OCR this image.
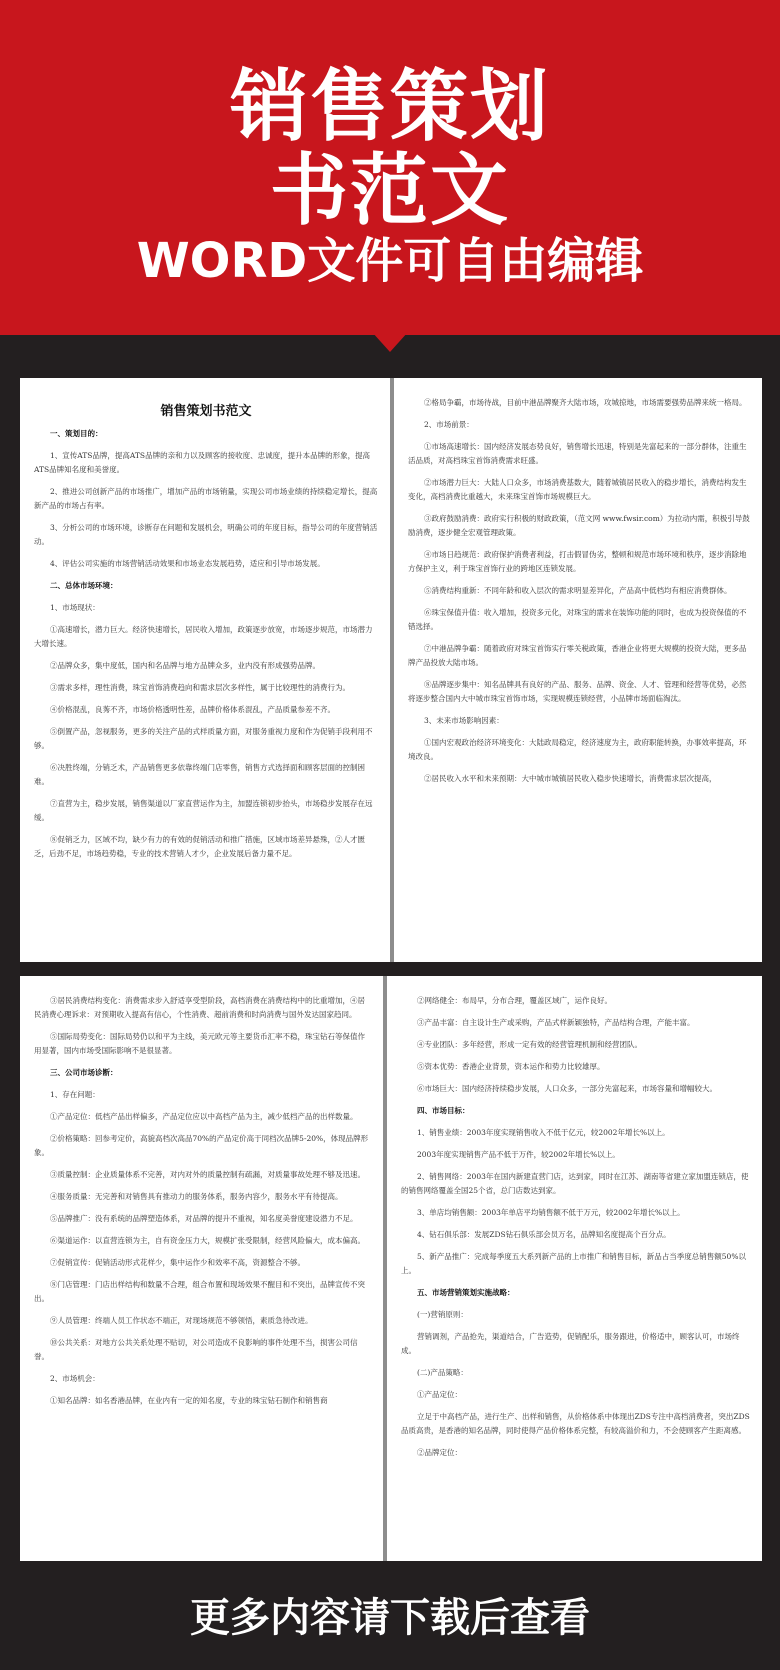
销售策划
书范文
WORD文件可自由编辑
销售策划书范文
一、策划目的：
1、宣传ATS品牌，提高ATS品牌的亲和力以及顾客的接收度、忠诚度，提升本品牌的形象，提高ATS品牌知名度和美誉度。
2、推进公司创新产品的市场推广，增加产品的市场销量，实现公司市场业绩的持续稳定增长，提高新产品的市场占有率。
3、分析公司的市场环境，诊断存在问题和发展机会，明确公司的年度目标，指导公司的年度营销活动。
4、评估公司实施的市场营销活动效果和市场业态发展趋势，适应和引导市场发展。
二、总体市场环境：
1、市场现状：
①高速增长，潜力巨大。经济快速增长，居民收入增加，政策逐步放宽，市场逐步规范，市场潜力大增长速。
②品牌众多，集中度低，国内和名品牌与地方品牌众多，业内没有形成强势品牌。
③需求多样，理性消费，珠宝首饰消费趋向和需求层次多样性，属于比较理性的消费行为。
④价格混乱，良莠不齐，市场价格透明性差，品牌价格体系混乱，产品质量参差不齐。
⑤倒置产品，忽视服务，更多的关注产品的式样质量方面，对服务重视力度和作为促销手段利用不够。
⑥决胜终端，分销乏术，产品销售更多依靠终端门店零售，销售方式选择面和顾客层面的控制困难。
⑦直营为主，稳步发展，销售渠道以厂家直营运作为主，加盟连锁初步抬头，市场稳步发展存在远缓。
⑧促销乏力，区域不均，缺少有力的有效的促销活动和推广措施，区域市场差异悬殊，②人才匮乏，后劲不足，市场趋势稳，专业的技术营销人才少，企业发展后备力量不足。
②格局争霸，市场待战，目前中港品牌聚齐大陆市场，攻城掠地，市场需要强势品牌来统一格局。
2、市场前景：
①市场高速增长：国内经济发展态势良好，销售增长迅速，特别是先富起来的一部分群体，注重生活品质，对高档珠宝首饰消费需求旺盛。
②市场潜力巨大：大陆人口众多，市场消费基数大，随着城镇居民收入的稳步增长，消费结构发生变化，高档消费比重越大，未来珠宝首饰市场规模巨大。
③政府鼓励消费：政府实行积极的财政政策，（范文网 www.fwsir.com）为拉动内需，积极引导鼓励消费，逐步健全宏观管理政策。
④市场日趋规范：政府保护消费者利益，打击假冒伪劣，整顿和规范市场环境和秩序，逐步消除地方保护主义，利于珠宝首饰行业的跨地区连锁发展。
⑤消费结构重新：不同年龄和收入层次的需求明显差异化，产品高中低档均有相应消费群体。
⑥珠宝保值升值：收入增加，投资多元化，对珠宝的需求在装饰功能的同时，也成为投资保值的不错选择。
⑦中港品牌争霸：随着政府对珠宝首饰实行零关税政策，香港企业将更大规模的投资大陆，更多品牌产品投放大陆市场。
⑧品牌逐步集中：知名品牌具有良好的产品、服务、品牌、资金、人才、管理和经营等优势，必然将逐步整合国内大中城市珠宝首饰市场，实现规模连锁经营，小品牌市场面临淘汰。
3、未来市场影响因素：
①国内宏观政治经济环境变化：大陆政局稳定，经济速度为主，政府职能转换，办事效率提高，环境改良。
②居民收入水平和未来预期：大中城市城镇居民收入稳步快速增长，消费需求层次提高，
③居民消费结构变化：消费需求步入舒适享受型阶段，高档消费在消费结构中的比重增加，④居民消费心理诉求：对预期收入提高有信心，个性消费、超前消费和时尚消费与国外发达国家趋同。
⑤国际局势变化：国际局势仍以和平为主线，美元欧元等主要货币汇率不稳，珠宝钻石等保值作用显著，国内市场受国际影响不是很显著。
三、公司市场诊断：
1、存在问题：
①产品定位：低档产品出样偏多，产品定位应以中高档产品为主，减少低档产品的出样数量。
②价格策略：回参考定价，高貌高档次高品70%的产品定价高于同档次品牌5-20%，体现品牌形象。
③质量控制：企业质量体系不完善，对内对外的质量控制有疏漏，对质量事故处理不够及迅速。
④服务质量：无完善和对销售具有推动力的服务体系，服务内容少，服务水平有待提高。
⑤品牌推广：没有系统的品牌塑造体系，对品牌的提升不重视，知名度美誉度建设潜力不足。
⑥渠道运作：以直营连锁为主，自有资金压力大，规模扩张受限制，经营风险偏大，成本偏高。
⑦促销宣传：促销活动形式花样少，集中运作少和效率不高，资源整合不够。
⑧门店管理：门店出样结构和数量不合理，组合布置和现场效果不醒目和不突出，品牌宣传不突出。
⑨人员管理：终端人员工作状态不端正，对现场规范不够领悟，素质急待改进。
⑩公共关系：对地方公共关系处理不贴切，对公司造成不良影响的事件处理不当，损害公司信誉。
2、市场机会：
①知名品牌：如名香港品牌，在业内有一定的知名度，专业的珠宝钻石制作和销售商
②网络健全：布局早，分布合理，覆盖区域广，运作良好。
③产品丰富：自主设计生产或采购，产品式样新颖独特，产品结构合理，产能丰富。
④专业团队：多年经营，形成一定有效的经营管理机制和经营团队。
⑤资本优势：香港企业背景，资本运作和势力比较雄厚。
⑥市场巨大：国内经济持续稳步发展，人口众多，一部分先富起来，市场容量和增幅较大。
四、市场目标：
1、销售业绩：2003年度实现销售收入不低于亿元，较2002年增长%以上。
2003年度实现销售产品不低于万件，较2002年增长%以上。
2、销售网络：2003年在国内新建直营门店，达到家，同时在江苏、湖南等省建立家加盟连锁店，使的销售网络覆盖全国25个省，总门店数达到家。
3、单店均销售额：2003年单店平均销售额不低于万元，较2002年增长%以上。
4、钻石俱乐部：发展ZDS钻石俱乐部会员万名，品牌知名度提高个百分点。
5、新产品推广：完成每季度五大系列新产品的上市推广和销售目标，新品占当季度总销售额50%以上。
五、市场营销策划实施战略：
(一)营销原则：
营销调剂，产品抢先，渠道结合，广告造势，促销配乐，服务跟进，价格适中，顾客认可，市场终成。
(二)产品策略：
①产品定位：
立足于中高档产品，进行生产、出样和销售，从价格体系中体现出ZDS专注中高档消费者，突出ZDS品质高贵，是香港的知名品牌，同时使得产品价格体系完整，有较高溢价和力，不会使顾客产生距离感。
②品牌定位：
更多内容请下载后查看
